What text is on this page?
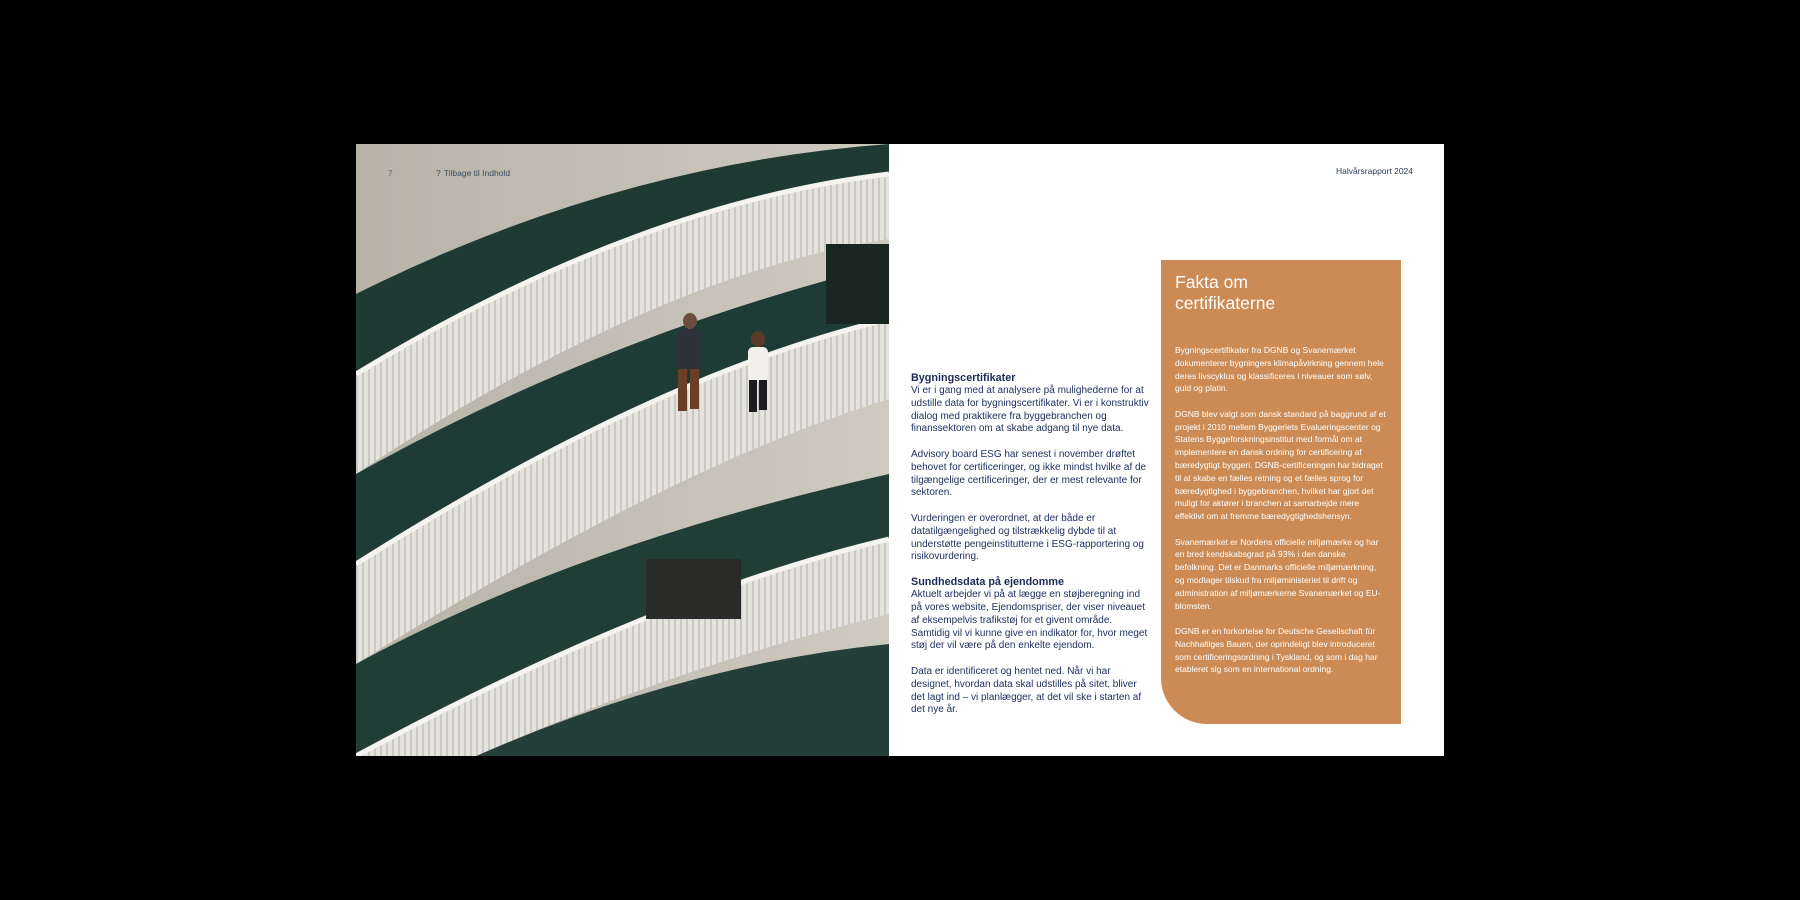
7	? Tilbage til Indhold	Halvårsrapport 2024
Bygningscertifikater

Vi er i gang med at analysere på mulighederne for at udstille data for bygningscertifikater. Vi er i konstruktiv dialog med praktikere fra byggebranchen og finanssektoren om at skabe adgang til nye data.

Advisory board ESG har senest i november drøftet behovet for certificeringer, og ikke mindst hvilke af de tilgængelige certificeringer, der er mest relevante for sektoren.

Vurderingen er overordnet, at der både er datatilgængelighed og tilstrækkelig dybde til at understøtte pengeinstitutterne i ESG-rapportering og risikovurdering.

Sundhedsdata på ejendomme

Aktuelt arbejder vi på at lægge en støjberegning ind på vores website, Ejendomspriser, der viser niveauet af eksempelvis trafikstøj for et givent område. Samtidig vil vi kunne give en indikator for, hvor meget støj der vil være på den enkelte ejendom.

Data er identificeret og hentet ned. Når vi har designet, hvordan data skal udstilles på sitet, bliver det lagt ind – vi planlægger, at det vil ske i starten af det nye år.

Fakta om certifikaterne

Bygningscertifikater fra DGNB og Svanemærket dokumenterer bygningers klimapåvirkning gennem hele deres livscyklus og klassificeres i niveauer som sølv, guld og platin.

DGNB blev valgt som dansk standard på baggrund af et projekt i 2010 mellem Byggeriets Evalueringscenter og Statens Byggeforskningsinstitut med formål om at implementere en dansk ordning for certificering af bæredygtigt byggeri. DGNB-certificeringen har bidraget til at skabe en fælles retning og et fælles sprog for bæredygtighed i byggebranchen, hvilket har gjort det muligt for aktører i branchen at samarbejde mere effektivt om at fremme bæredygtighedshensyn.

Svanemærket er Nordens officielle miljømærke og har en bred kendskabsgrad på 93% i den danske befolkning. Det er Danmarks officielle miljømærkning, og modtager tilskud fra miljøministeriet til drift og administration af miljømærkerne Svanemærket og EU-blomsten.

DGNB er en forkortelse for Deutsche Gesellschaft für Nachhaltiges Bauen, der oprindeligt blev introduceret som certificeringsordning i Tyskland, og som i dag har etableret sig som en international ordning.
